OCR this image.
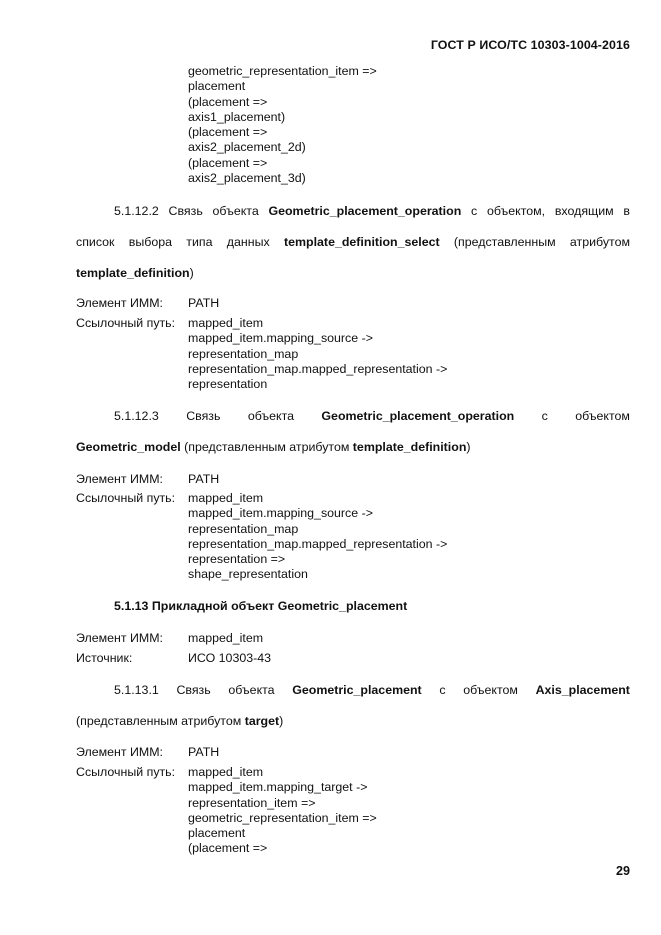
ГОСТ Р ИСО/ТС 10303-1004-2016
geometric_representation_item =>
placement
(placement =>
axis1_placement)
(placement =>
axis2_placement_2d)
(placement =>
axis2_placement_3d)
5.1.12.2 Связь объекта Geometric_placement_operation с объектом, входящим в
список выбора типа данных template_definition_select (представленным атрибутом
template_definition)
Элемент ИММ: PATH
Ссылочный путь: mapped_item
mapped_item.mapping_source ->
representation_map
representation_map.mapped_representation ->
representation
5.1.12.3 Связь объекта Geometric_placement_operation с объектом
Geometric_model (представленным атрибутом template_definition)
Элемент ИММ: PATH
Ссылочный путь: mapped_item
mapped_item.mapping_source ->
representation_map
representation_map.mapped_representation ->
representation =>
shape_representation
5.1.13 Прикладной объект Geometric_placement
Элемент ИММ: mapped_item
Источник:	ИСО 10303-43
5.1.13.1 Связь объекта Geometric_placement с объектом Axis_placement
(представленным атрибутом target)
Элемент ИММ: PATH
Ссылочный путь: mapped_item
mapped_item.mapping_target ->
representation_item =>
geometric_representation_item =>
placement
(placement =>
29
